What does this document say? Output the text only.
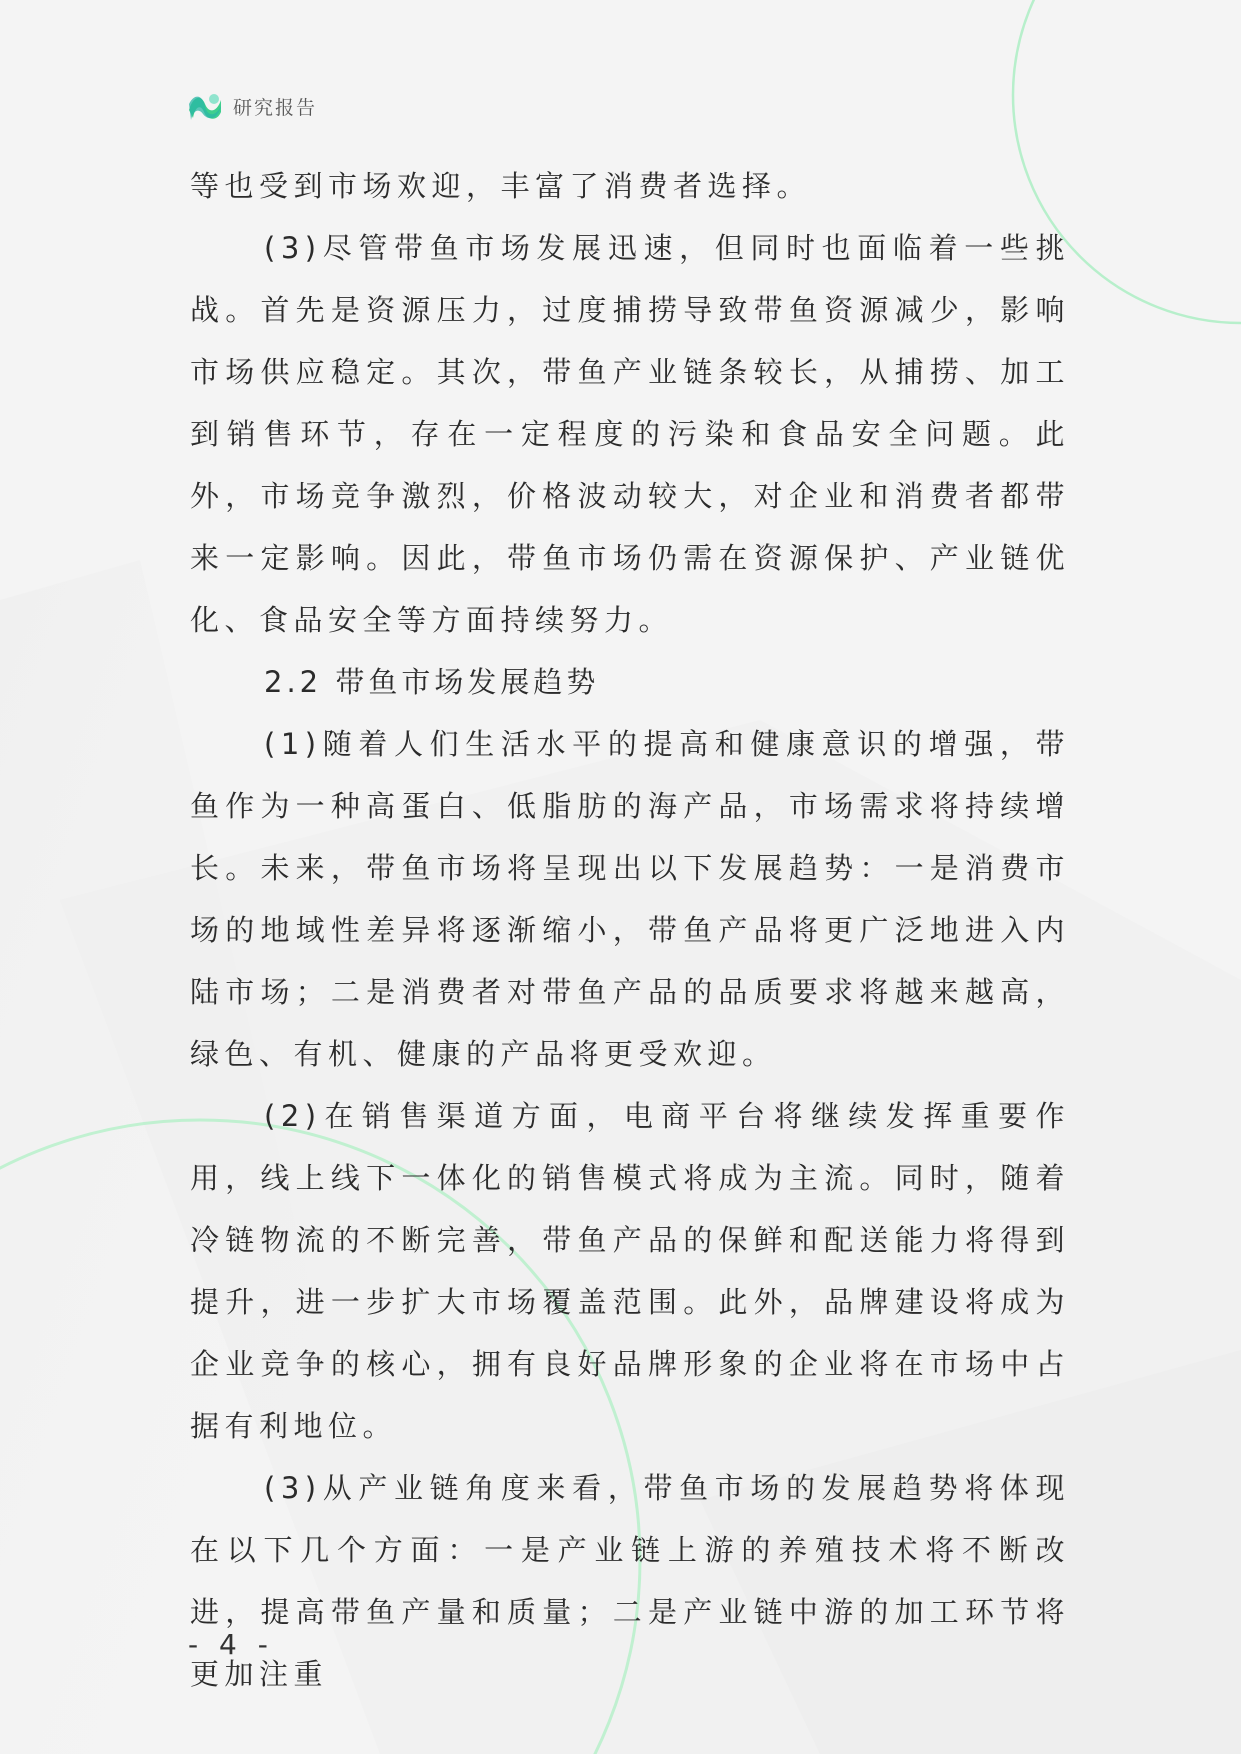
研究报告

等也受到市场欢迎，丰富了消费者选择。

(3)尽管带鱼市场发展迅速，但同时也面临着一些挑战。首先是资源压力，过度捕捞导致带鱼资源减少，影响市场供应稳定。其次，带鱼产业链条较长，从捕捞、加工到销售环节，存在一定程度的污染和食品安全问题。此外，市场竞争激烈，价格波动较大，对企业和消费者都带来一定影响。因此，带鱼市场仍需在资源保护、产业链优化、食品安全等方面持续努力。

2.2 带鱼市场发展趋势

(1)随着人们生活水平的提高和健康意识的增强，带鱼作为一种高蛋白、低脂肪的海产品，市场需求将持续增长。未来，带鱼市场将呈现出以下发展趋势：一是消费市场的地域性差异将逐渐缩小，带鱼产品将更广泛地进入内陆市场；二是消费者对带鱼产品的品质要求将越来越高，绿色、有机、健康的产品将更受欢迎。

(2)在销售渠道方面，电商平台将继续发挥重要作用，线上线下一体化的销售模式将成为主流。同时，随着冷链物流的不断完善，带鱼产品的保鲜和配送能力将得到提升，进一步扩大市场覆盖范围。此外，品牌建设将成为企业竞争的核心，拥有良好品牌形象的企业将在市场中占据有利地位。

(3)从产业链角度来看，带鱼市场的发展趋势将体现在以下几个方面：一是产业链上游的养殖技术将不断改进，提高带鱼产量和质量；二是产业链中游的加工环节将更加注重

- 4 -
